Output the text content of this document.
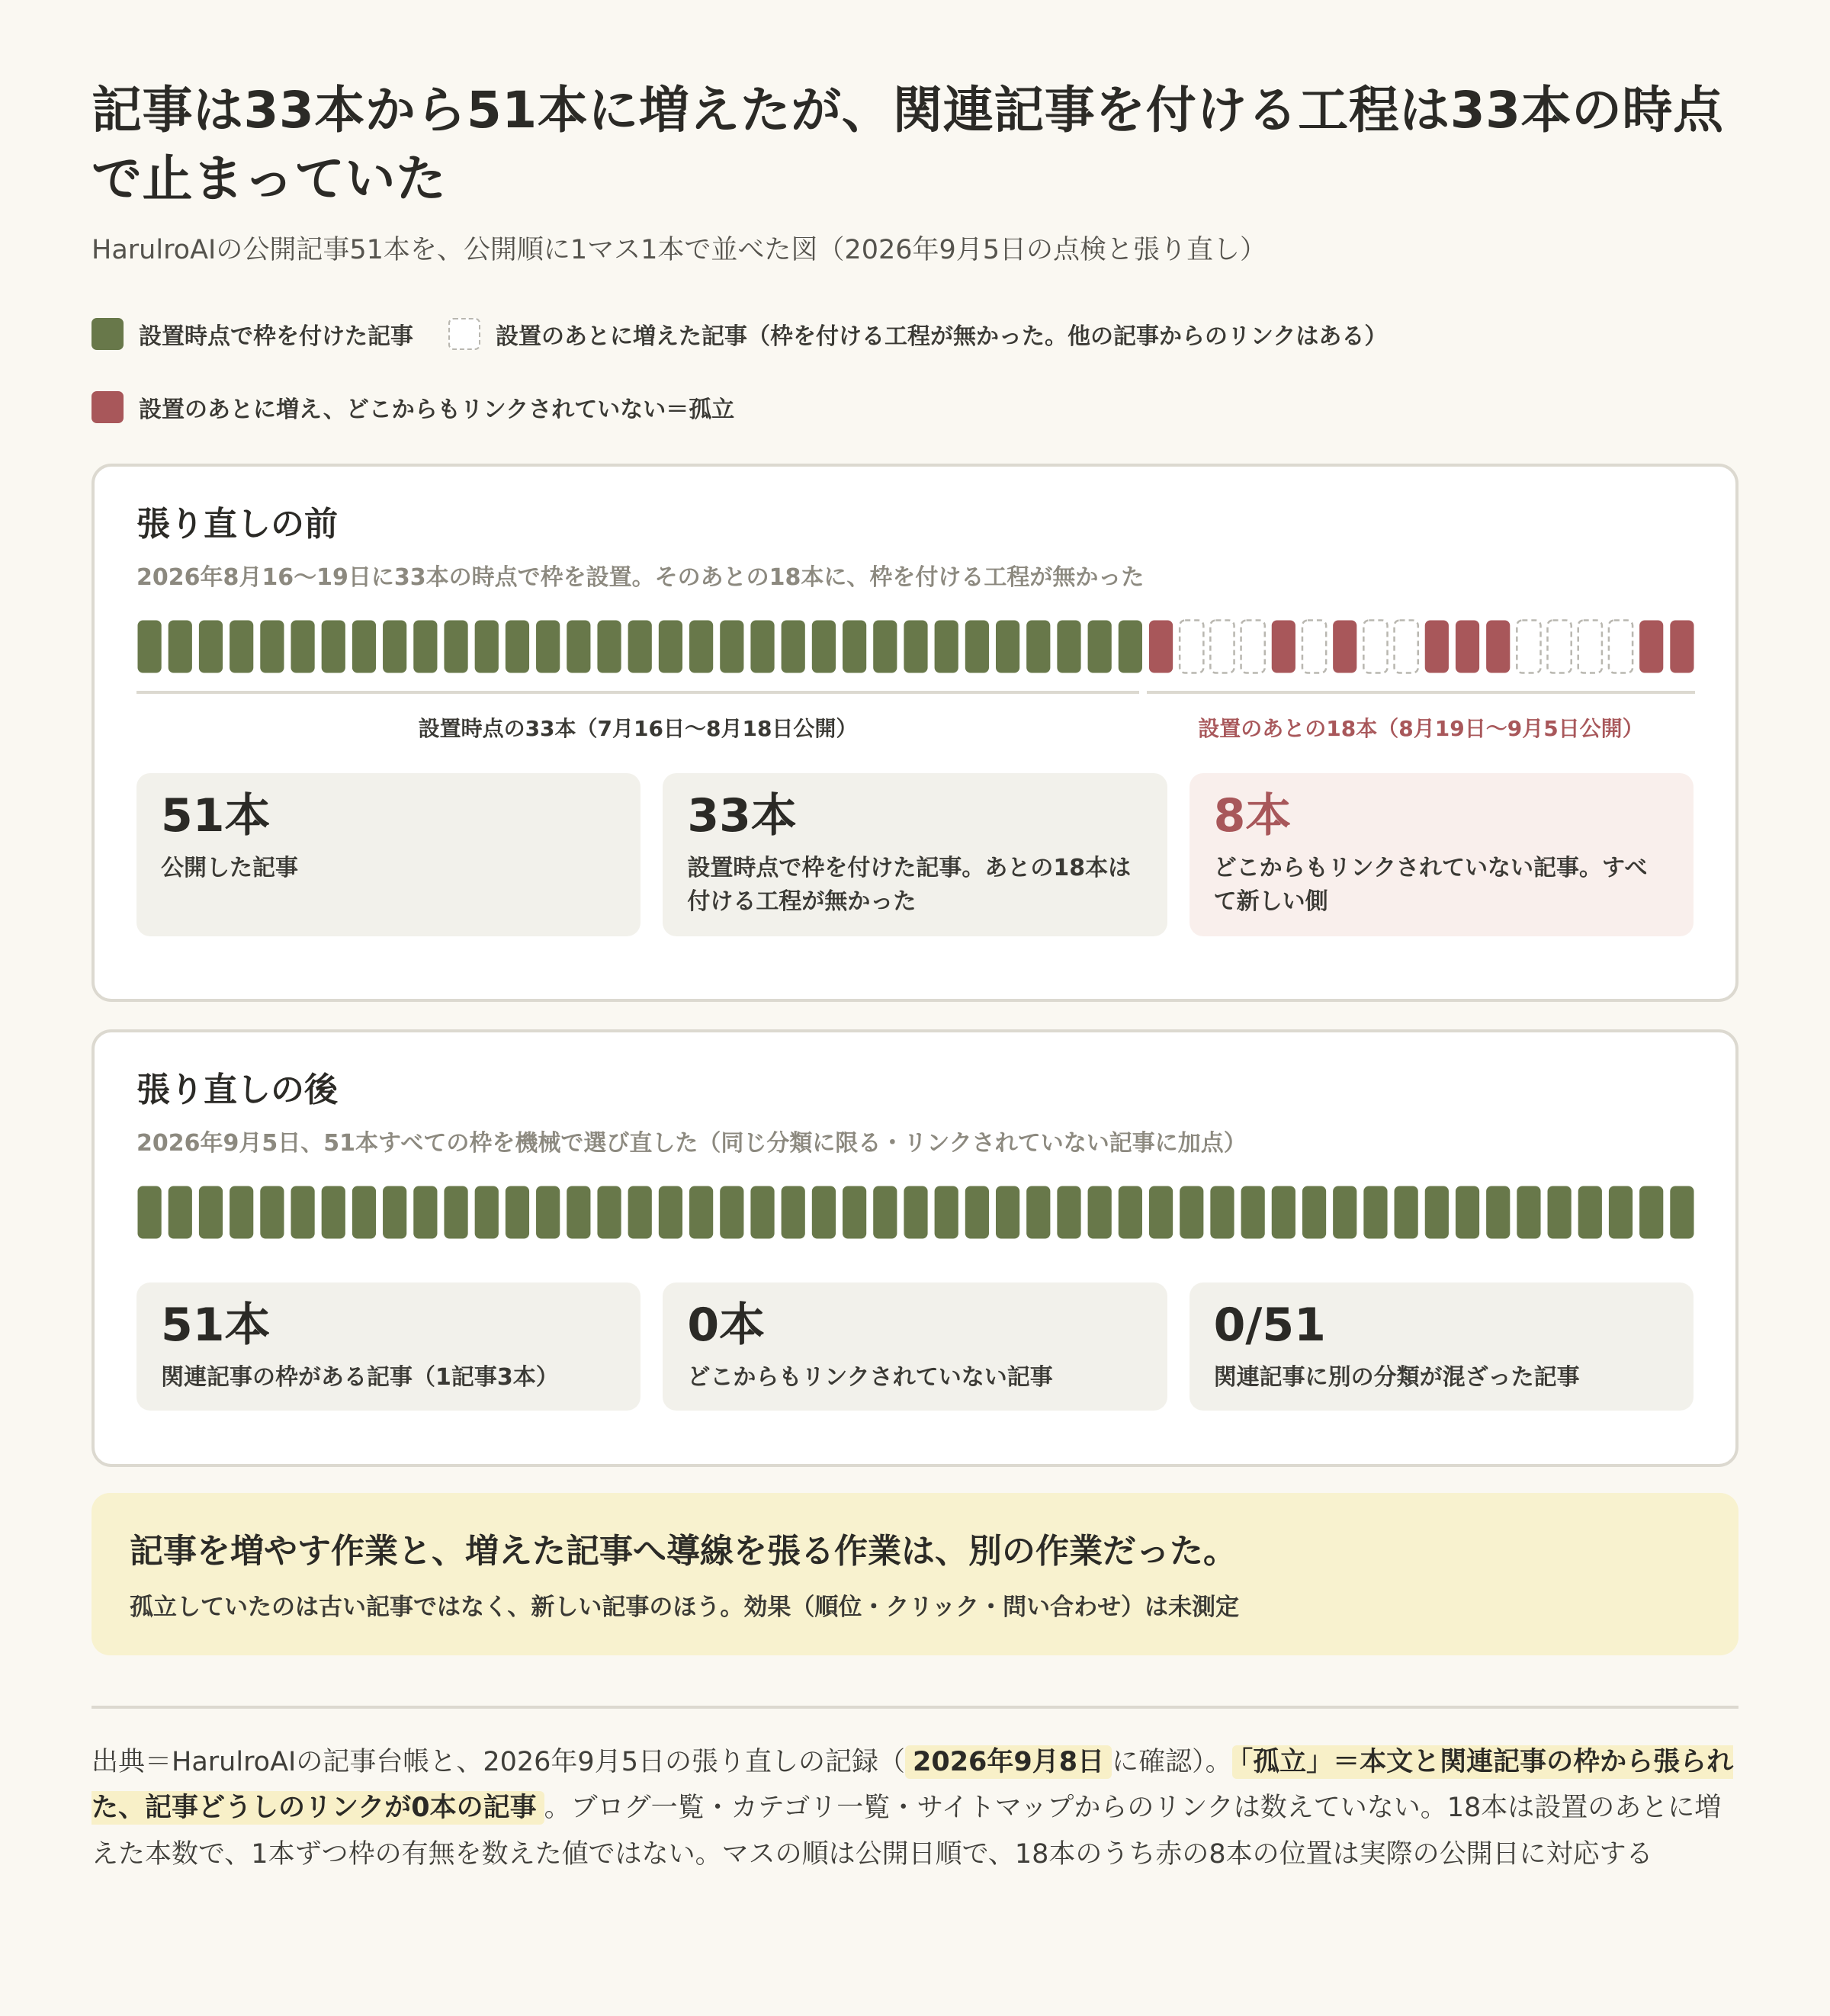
記事は33本から51本に増えたが、関連記事を付ける工程は33本の時点で止まっていた
HarulroAIの公開記事51本を、公開順に1マス1本で並べた図（2026年9月5日の点検と張り直し）
設置時点で枠を付けた記事	設置のあとに増えた記事（枠を付ける工程が無かった。他の記事からのリンクはある）
設置のあとに増え、どこからもリンクされていない＝孤立
張り直しの前
2026年8月16〜19日に33本の時点で枠を設置。そのあとの18本に、枠を付ける工程が無かった
設置時点の33本（7月16日〜8月18日公開）	設置のあとの18本（8月19日〜9月5日公開）
51本
公開した記事
33本
設置時点で枠を付けた記事。あとの18本は付ける工程が無かった
8本
どこからもリンクされていない記事。すべて新しい側
張り直しの後
2026年9月5日、51本すべての枠を機械で選び直した（同じ分類に限る・リンクされていない記事に加点）
51本
関連記事の枠がある記事（1記事3本）
0本
どこからもリンクされていない記事
0/51
関連記事に別の分類が混ざった記事
記事を増やす作業と、増えた記事へ導線を張る作業は、別の作業だった。
孤立していたのは古い記事ではなく、新しい記事のほう。効果（順位・クリック・問い合わせ）は未測定
出典＝HarulroAIの記事台帳と、2026年9月5日の張り直しの記録（ 2026年9月8日 に確認）。 「孤立」＝本文と関連記事の枠から張られた、記事どうしのリンクが0本の記事 。ブログ一覧・カテゴリ一覧・サイトマップからのリンクは数えていない。18本は設置のあとに増えた本数で、1本ずつ枠の有無を数えた値ではない。マスの順は公開日順で、18本のうち赤の8本の位置は実際の公開日に対応する
